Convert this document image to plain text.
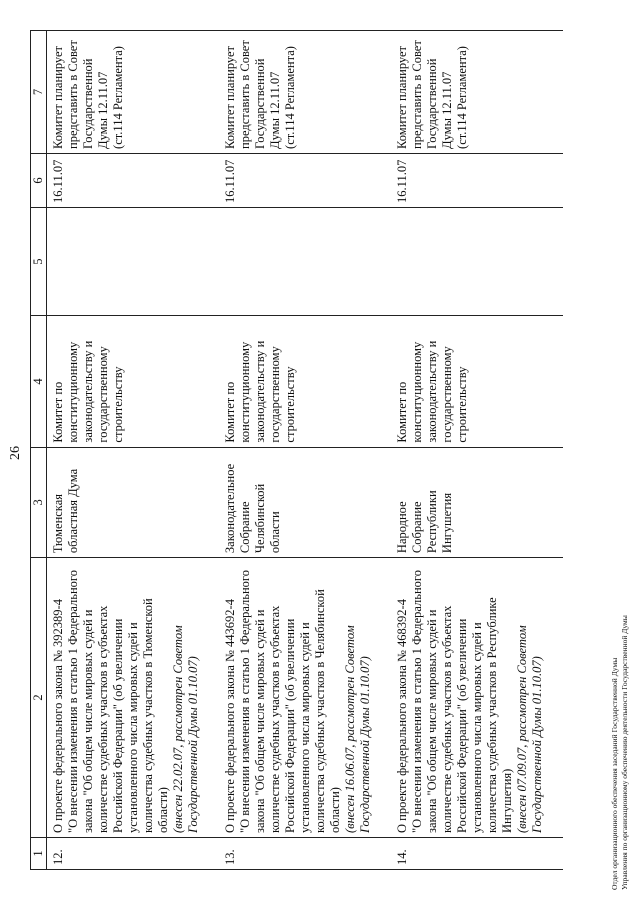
26
1	2	3	4	5	6	7
12.	О проекте федерального закона № 392389-4 "О внесении изменения в статью 1 Федерального закона "Об общем числе мировых судей и количестве судебных участков в субъектах Российской Федерации" (об увеличении установленного числа мировых судей и количества судебных участков в Тюменской области) (внесен 22.02.07, рассмотрен Советом Государственной Думы 01.10.07)	Тюменская областная Дума	Комитет по конституционному законодательству и государственному строительству		16.11.07	Комитет планирует представить в Совет Государственной Думы 12.11.07 (ст.114 Регламента)
13.	О проекте федерального закона № 443692-4 "О внесении изменения в статью 1 Федерального закона "Об общем числе мировых судей и количестве судебных участков в субъектах Российской Федерации" (об увеличении установленного числа мировых судей и количества судебных участков в Челябинской области) (внесен 16.06.07, рассмотрен Советом Государственной Думы 01.10.07)	Законодательное Собрание Челябинской области	Комитет по конституционному законодательству и государственному строительству		16.11.07	Комитет планирует представить в Совет Государственной Думы 12.11.07 (ст.114 Регламента)
14.	О проекте федерального закона № 468392-4 "О внесении изменения в статью 1 Федерального закона "Об общем числе мировых судей и количестве судебных участков в субъектах Российской Федерации" (об увеличении установленного числа мировых судей и количества судебных участков в Республике Ингушетия) (внесен 07.09.07, рассмотрен Советом Государственной Думы 01.10.07)	Народное Собрание Республики Ингушетия	Комитет по конституционному законодательству и государственному строительству		16.11.07	Комитет планирует представить в Совет Государственной Думы 12.11.07 (ст.114 Регламента)
Отдел организационного обеспечения заседаний Государственной Думы Управления по организационному обеспечению деятельности Государственной Думы
